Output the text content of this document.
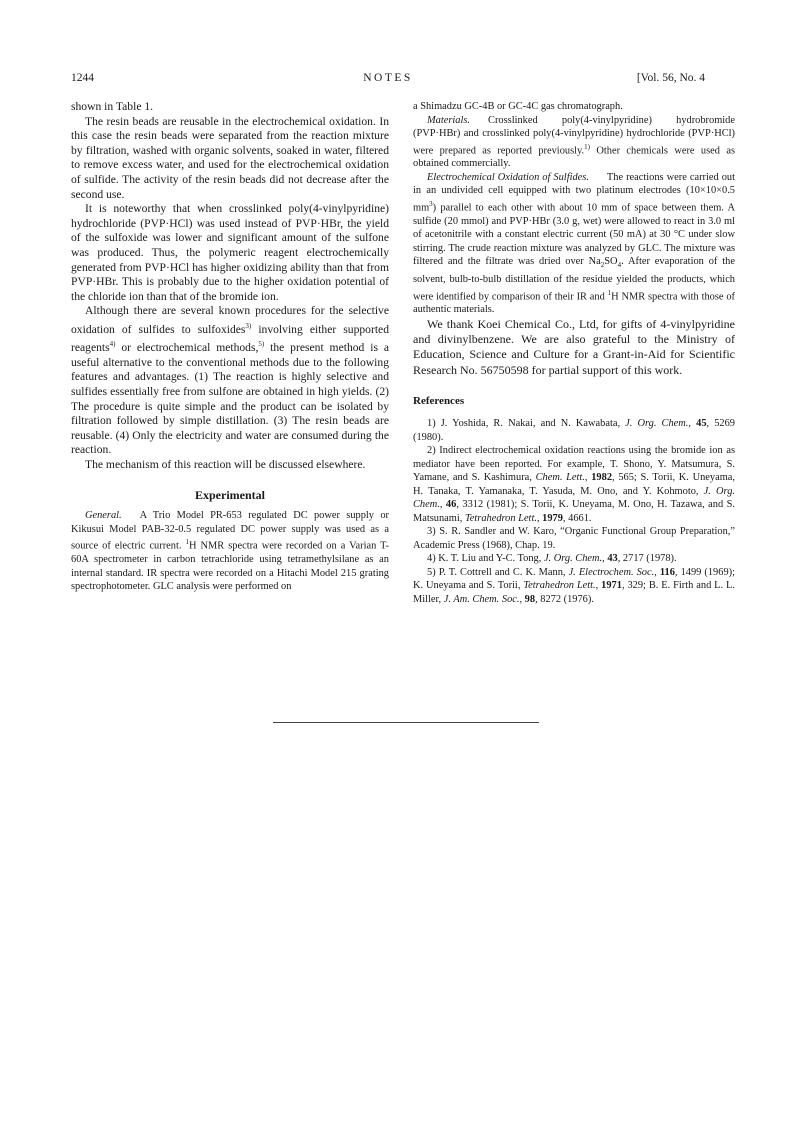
1244	NOTES	[Vol. 56, No. 4

shown in Table 1.

The resin beads are reusable in the electrochemical oxidation. In this case the resin beads were separated from the reaction mixture by filtration, washed with organic solvents, soaked in water, filtered to remove excess water, and used for the electrochemical oxidation of sulfide. The activity of the resin beads did not decrease after the second use.

It is noteworthy that when crosslinked poly(4-vinylpyridine) hydrochloride (PVP·HCl) was used instead of PVP·HBr, the yield of the sulfoxide was lower and significant amount of the sulfone was produced. Thus, the polymeric reagent electrochemically generated from PVP·HCl has higher oxidizing ability than that from PVP·HBr. This is probably due to the higher oxidation potential of the chloride ion than that of the bromide ion.

Although there are several known procedures for the selective oxidation of sulfides to sulfoxides$^{3)}$ involving either supported reagents$^{4)}$ or electrochemical methods,$^{5)}$ the present method is a useful alternative to the conventional methods due to the following features and advantages. (1) The reaction is highly selective and sulfides essentially free from sulfone are obtained in high yields. (2) The procedure is quite simple and the product can be isolated by filtration followed by simple distillation. (3) The resin beads are reusable. (4) Only the electricity and water are consumed during the reaction.

The mechanism of this reaction will be discussed elsewhere.

Experimental

General. A Trio Model PR-653 regulated DC power supply or Kikusui Model PAB-32-0.5 regulated DC power supply was used as a source of electric current. $^1$H NMR spectra were recorded on a Varian T-60A spectrometer in carbon tetrachloride using tetramethylsilane as an internal standard. IR spectra were recorded on a Hitachi Model 215 grating spectrophotometer. GLC analysis were performed on

a Shimadzu GC-4B or GC-4C gas chromatograph.

Materials. Crosslinked poly(4-vinylpyridine) hydrobromide (PVP·HBr) and crosslinked poly(4-vinylpyridine) hydrochloride (PVP·HCl) were prepared as reported previously.$^{1)}$ Other chemicals were used as obtained commercially.

Electrochemical Oxidation of Sulfides. The reactions were carried out in an undivided cell equipped with two platinum electrodes (10×10×0.5 $mm^3$) parallel to each other with about 10 mm of space between them. A sulfide (20 mmol) and PVP·HBr (3.0 g, wet) were allowed to react in 3.0 ml of acetonitrile with a constant electric current (50 mA) at 30 °C under slow stirring. The crude reaction mixture was analyzed by GLC. The mixture was filtered and the filtrate was dried over $Na_2SO_4$. After evaporation of the solvent, bulb-to-bulb distillation of the residue yielded the products, which were identified by comparison of their IR and $^1$H NMR spectra with those of authentic materials.

We thank Koei Chemical Co., Ltd, for gifts of 4-vinylpyridine and divinylbenzene. We are also grateful to the Ministry of Education, Science and Culture for a Grant-in-Aid for Scientific Research No. 56750598 for partial support of this work.

References

1) J. Yoshida, R. Nakai, and N. Kawabata, J. Org. Chem., 45, 5269 (1980).

2) Indirect electrochemical oxidation reactions using the bromide ion as mediator have been reported. For example, T. Shono, Y. Matsumura, S. Yamane, and S. Kashimura, Chem. Lett., 1982, 565; S. Torii, K. Uneyama, H. Tanaka, T. Yamanaka, T. Yasuda, M. Ono, and Y. Kohmoto, J. Org. Chem., 46, 3312 (1981); S. Torii, K. Uneyama, M. Ono, H. Tazawa, and S. Matsunami, Tetrahedron Lett., 1979, 4661.

3) S. R. Sandler and W. Karo, “Organic Functional Group Preparation,” Academic Press (1968), Chap. 19.

4) K. T. Liu and Y-C. Tong, J. Org. Chem., 43, 2717 (1978).

5) P. T. Cottrell and C. K. Mann, J. Electrochem. Soc., 116, 1499 (1969); K. Uneyama and S. Torii, Tetrahedron Lett., 1971, 329; B. E. Firth and L. L. Miller, J. Am. Chem. Soc., 98, 8272 (1976).
